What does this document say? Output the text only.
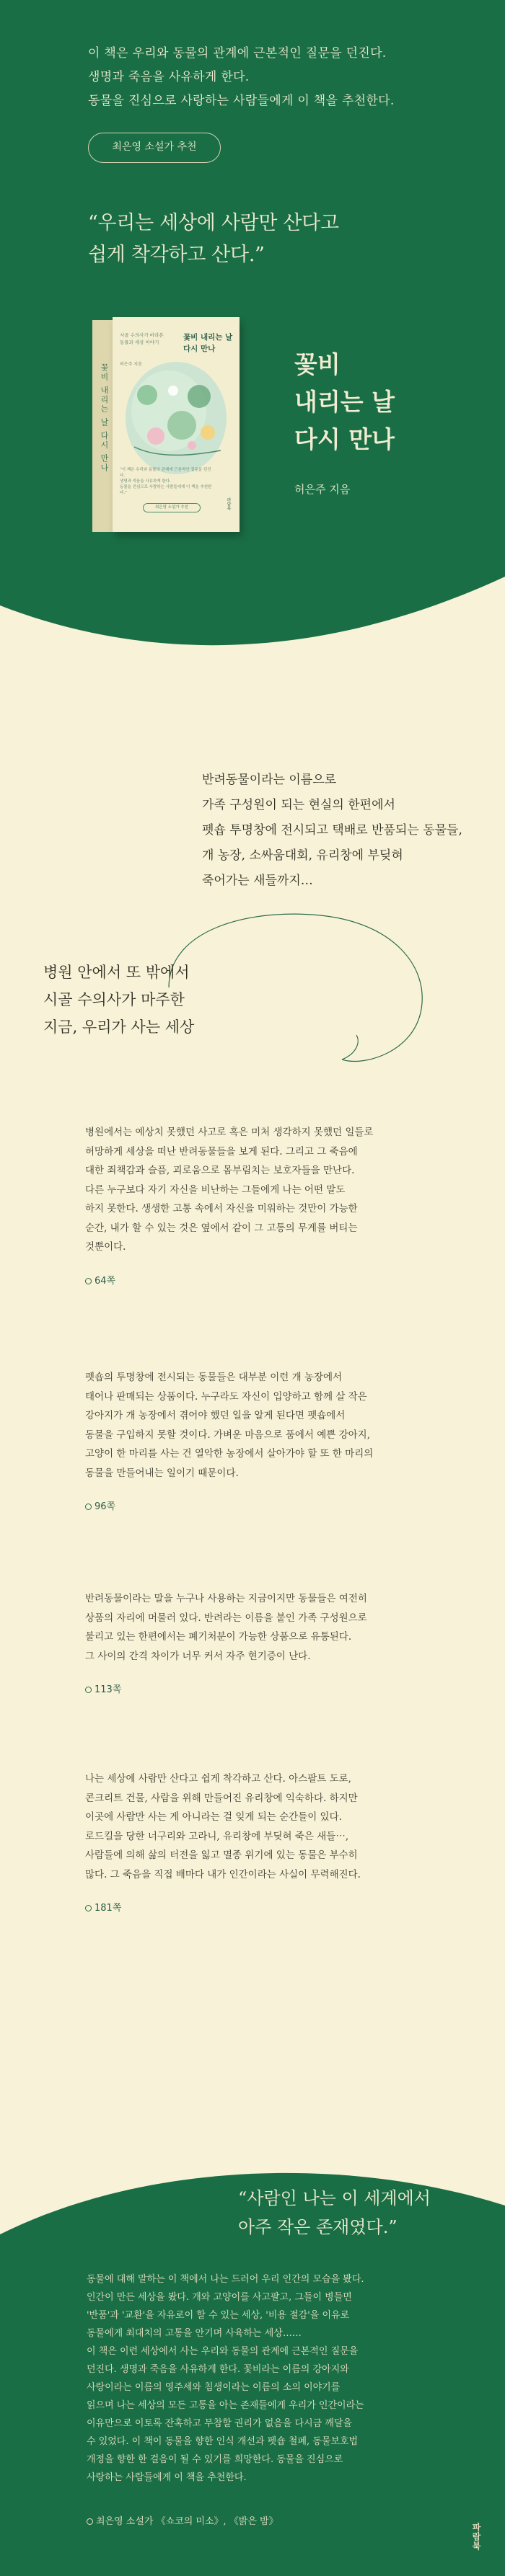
이 책은 우리와 동물의 관계에 근본적인 질문을 던진다.

생명과 죽음을 사유하게 한다.

동물을 진심으로 사랑하는 사람들에게 이 책을 추천한다.

최은영 소설가 추천
“우리는 세상에 사람만 산다고
쉽게 착각하고 산다.”
꽃비 내리는 날 다시 만나
꽃비 내리는 날
다시 만나
시골 수의사가 바라본
동물과 세상 이야기
허은주 지음
“이 책은 우리와 동물의 관계에 근본적인 질문을 던진다.
생명과 죽음을 사유하게 한다.
동물을 진심으로 사랑하는 사람들에게 이 책을 추천한다.”
최은영 소설가 추천	파람북
꽃비
내리는 날
다시 만나
허은주 지음

반려동물이라는 이름으로

가족 구성원이 되는 현실의 한편에서

펫숍 투명창에 전시되고 택배로 반품되는 동물들,

개 농장, 소싸움대회, 유리창에 부딪혀

죽어가는 새들까지…

병원 안에서 또 밖에서
시골 수의사가 마주한
지금, 우리가 사는 세상

병원에서는 예상치 못했던 사고로 혹은 미처 생각하지 못했던 일들로

허망하게 세상을 떠난 반려동물들을 보게 된다. 그리고 그 죽음에

대한 죄책감과 슬픔, 괴로움으로 몸부림치는 보호자들을 만난다.

다른 누구보다 자기 자신을 비난하는 그들에게 나는 어떤 말도

하지 못한다. 생생한 고통 속에서 자신을 미워하는 것만이 가능한

순간, 내가 할 수 있는 것은 옆에서 같이 그 고통의 무게를 버티는

것뿐이다.

64쪽

펫숍의 투명창에 전시되는 동물들은 대부분 이런 개 농장에서

태어나 판매되는 상품이다. 누구라도 자신이 입양하고 함께 살 작은

강아지가 개 농장에서 겪어야 했던 일을 알게 된다면 펫숍에서

동물을 구입하지 못할 것이다. 가벼운 마음으로 품에서 예쁜 강아지,

고양이 한 마리를 사는 건 열악한 농장에서 살아가야 할 또 한 마리의

동물을 만들어내는 일이기 때문이다.

96쪽

반려동물이라는 말을 누구나 사용하는 지금이지만 동물들은 여전히

상품의 자리에 머물러 있다. 반려라는 이름을 붙인 가족 구성원으로

불리고 있는 한편에서는 폐기처분이 가능한 상품으로 유통된다.

그 사이의 간격 차이가 너무 커서 자주 현기증이 난다.

113쪽

나는 세상에 사람만 산다고 쉽게 착각하고 산다. 아스팔트 도로,

콘크리트 건물, 사람을 위해 만들어진 유리창에 익숙하다. 하지만

이곳에 사람만 사는 게 아니라는 걸 잊게 되는 순간들이 있다.

로드킬을 당한 너구리와 고라니, 유리창에 부딪혀 죽은 새들⋯,

사람들에 의해 삶의 터전을 잃고 멸종 위기에 있는 동물은 부수히

많다. 그 죽음을 직접 배마다 내가 인간이라는 사실이 무력해진다.

181쪽
“사람인 나는 이 세계에서
아주 작은 존재였다.”

동물에 대해 말하는 이 책에서 나는 드러어 우리 인간의 모습을 봤다.

인간이 만든 세상을 봤다. 개와 고양이를 사고팔고, 그들이 병들면

'반품'과 '교환'을 자유로이 할 수 있는 세상, '비용 절감'을 이유로

동물에게 최대치의 고통을 안기며 사육하는 세상……

이 책은 이런 세상에서 사는 우리와 동물의 관계에 근본적인 질문을

던진다. 생명과 죽음을 사유하게 한다. 꽃비라는 이름의 강아지와

사랑이라는 이름의 영주세와 침생이라는 이름의 소의 이야기를

읽으며 나는 세상의 모든 고통을 아는 존재들에게 우리가 인간이라는

이유만으로 이토록 잔혹하고 무참할 권리가 없음을 다시금 깨달을

수 있었다. 이 책이 동물을 향한 인식 개선과 펫숍 철폐, 동물보호법

개정을 향한 한 걸음이 될 수 있기를 희망한다. 동물을 진심으로

사랑하는 사람들에게 이 책을 추천한다.

최은영 소설가 《쇼코의 미소》, 《밝은 밤》
파람북
